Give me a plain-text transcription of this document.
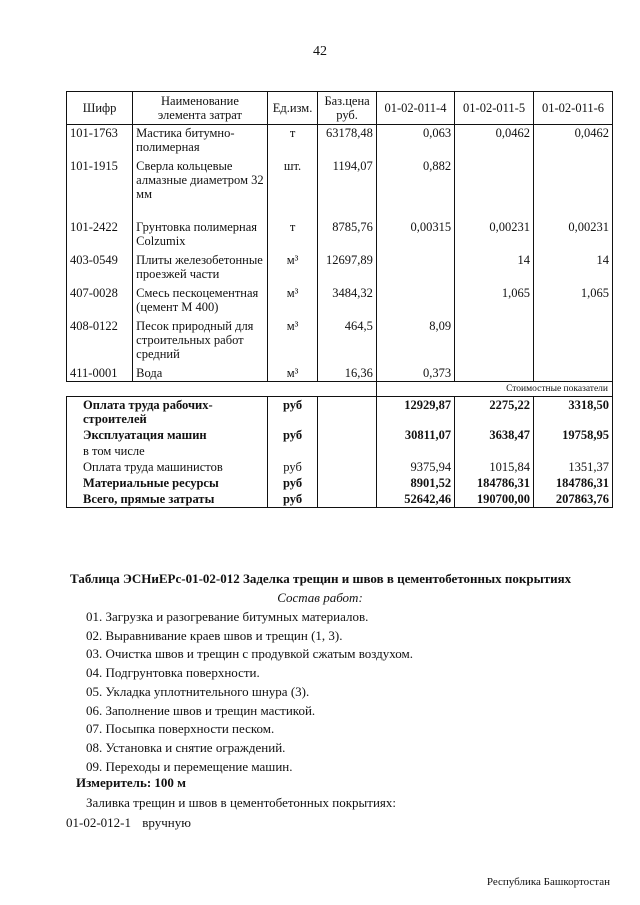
42
Шифр	Наименование элемента затрат	Ед.изм.	Баз.цена руб.	01-02-011-4	01-02-011-5	01-02-011-6
101-1763	Мастика битумно-полимерная	т	63178,48	0,063	0,0462	0,0462
101-1915	Сверла кольцевые алмазные диаметром 32 мм	шт.	1194,07	0,882		
101-2422	Грунтовка полимерная Colzumix	т	8785,76	0,00315	0,00231	0,00231
403-0549	Плиты железобетонные проезжей части	м³	12697,89		14	14
407-0028	Смесь пескоцементная (цемент М 400)	м³	3484,32		1,065	1,065
408-0122	Песок природный для строительных работ средний	м³	464,5	8,09		
411-0001	Вода	м³	16,36	0,373		
				Стоимостные показатели		
Оплата труда рабочих-строителей		руб		12929,87	2275,22	3318,50
Эксплуатация машин		руб		30811,07	3638,47	19758,95
в том числе						
Оплата труда машинистов		руб		9375,94	1015,84	1351,37
Материальные ресурсы		руб		8901,52	184786,31	184786,31
Всего, прямые затраты		руб		52642,46	190700,00	207863,76
Таблица ЭСНиЕРс-01-02-012 Заделка трещин и швов в цементобетонных покрытиях
Состав работ:
01. Загрузка и разогревание битумных материалов.
02. Выравнивание краев швов и трещин (1, 3).
03. Очистка швов и трещин с продувкой сжатым воздухом.
04. Подгрунтовка поверхности.
05. Укладка уплотнительного шнура (3).
06. Заполнение швов и трещин мастикой.
07. Посыпка поверхности песком.
08. Установка и снятие ограждений.
09. Переходы и перемещение машин.
Измеритель: 100 м
Заливка трещин и швов в цементобетонных покрытиях:
01-02-012-1 вручную
Республика Башкортостан
